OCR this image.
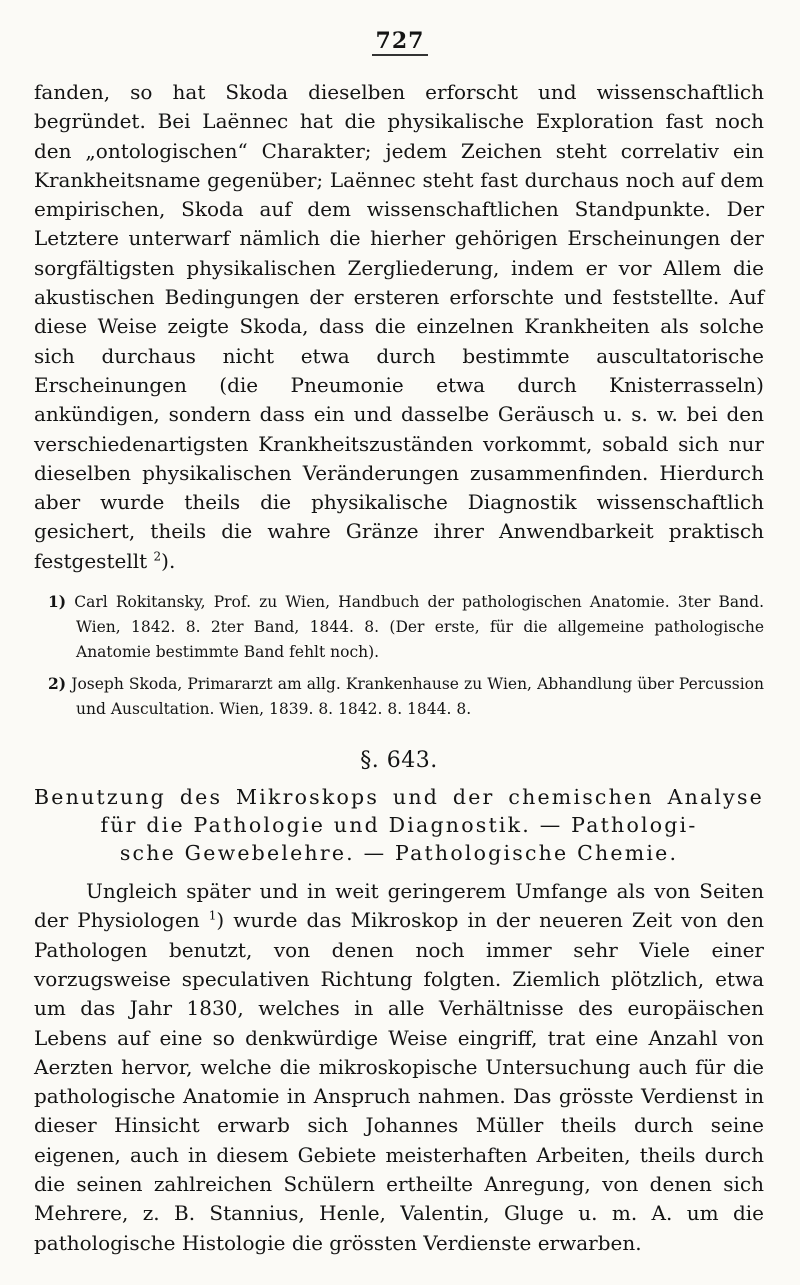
727

fanden, so hat Skoda dieselben erforscht und wissenschaftlich begründet. Bei Laënnec hat die physikalische Exploration fast noch den „ontologischen“ Charakter; jedem Zeichen steht correlativ ein Krankheitsname gegenüber; Laënnec steht fast durchaus noch auf dem empirischen, Skoda auf dem wissenschaftlichen Standpunkte. Der Letztere unterwarf nämlich die hierher gehörigen Erscheinungen der sorgfältigsten physikalischen Zergliederung, indem er vor Allem die akustischen Bedingungen der ersteren erforschte und feststellte. Auf diese Weise zeigte Skoda, dass die einzelnen Krankheiten als solche sich durchaus nicht etwa durch bestimmte auscultatorische Erscheinungen (die Pneumonie etwa durch Knisterrasseln) ankündigen, sondern dass ein und dasselbe Geräusch u. s. w. bei den verschiedenartigsten Krankheitszuständen vorkommt, sobald sich nur dieselben physikalischen Veränderungen zusammenfinden. Hierdurch aber wurde theils die physikalische Diagnostik wissenschaftlich gesichert, theils die wahre Gränze ihrer Anwendbarkeit praktisch festgestellt $^2$).

1) Carl Rokitansky, Prof. zu Wien, Handbuch der pathologischen Anatomie. 3ter Band. Wien, 1842. 8. 2ter Band, 1844. 8. (Der erste, für die allgemeine pathologische Anatomie bestimmte Band fehlt noch).
2) Joseph Skoda, Primararzt am allg. Krankenhause zu Wien, Abhandlung über Percussion und Auscultation. Wien, 1839. 8. 1842. 8. 1844. 8.
§. 643.
Benutzung des Mikroskops und der chemischen Analyse für die Pathologie und Diagnostik. — Pathologi-
sche Gewebelehre. — Pathologische Chemie.

Ungleich später und in weit geringerem Umfange als von Seiten der Physiologen $^1$) wurde das Mikroskop in der neueren Zeit von den Pathologen benutzt, von denen noch immer sehr Viele einer vorzugsweise speculativen Richtung folgten. Ziemlich plötzlich, etwa um das Jahr 1830, welches in alle Verhältnisse des europäischen Lebens auf eine so denkwürdige Weise eingriff, trat eine Anzahl von Aerzten hervor, welche die mikroskopische Untersuchung auch für die pathologische Anatomie in Anspruch nahmen. Das grösste Verdienst in dieser Hinsicht erwarb sich Johannes Müller theils durch seine eigenen, auch in diesem Gebiete meisterhaften Arbeiten, theils durch die seinen zahlreichen Schülern ertheilte Anregung, von denen sich Mehrere, z. B. Stannius, Henle, Valentin, Gluge u. m. A. um die pathologische Histologie die grössten Verdienste erwarben.
